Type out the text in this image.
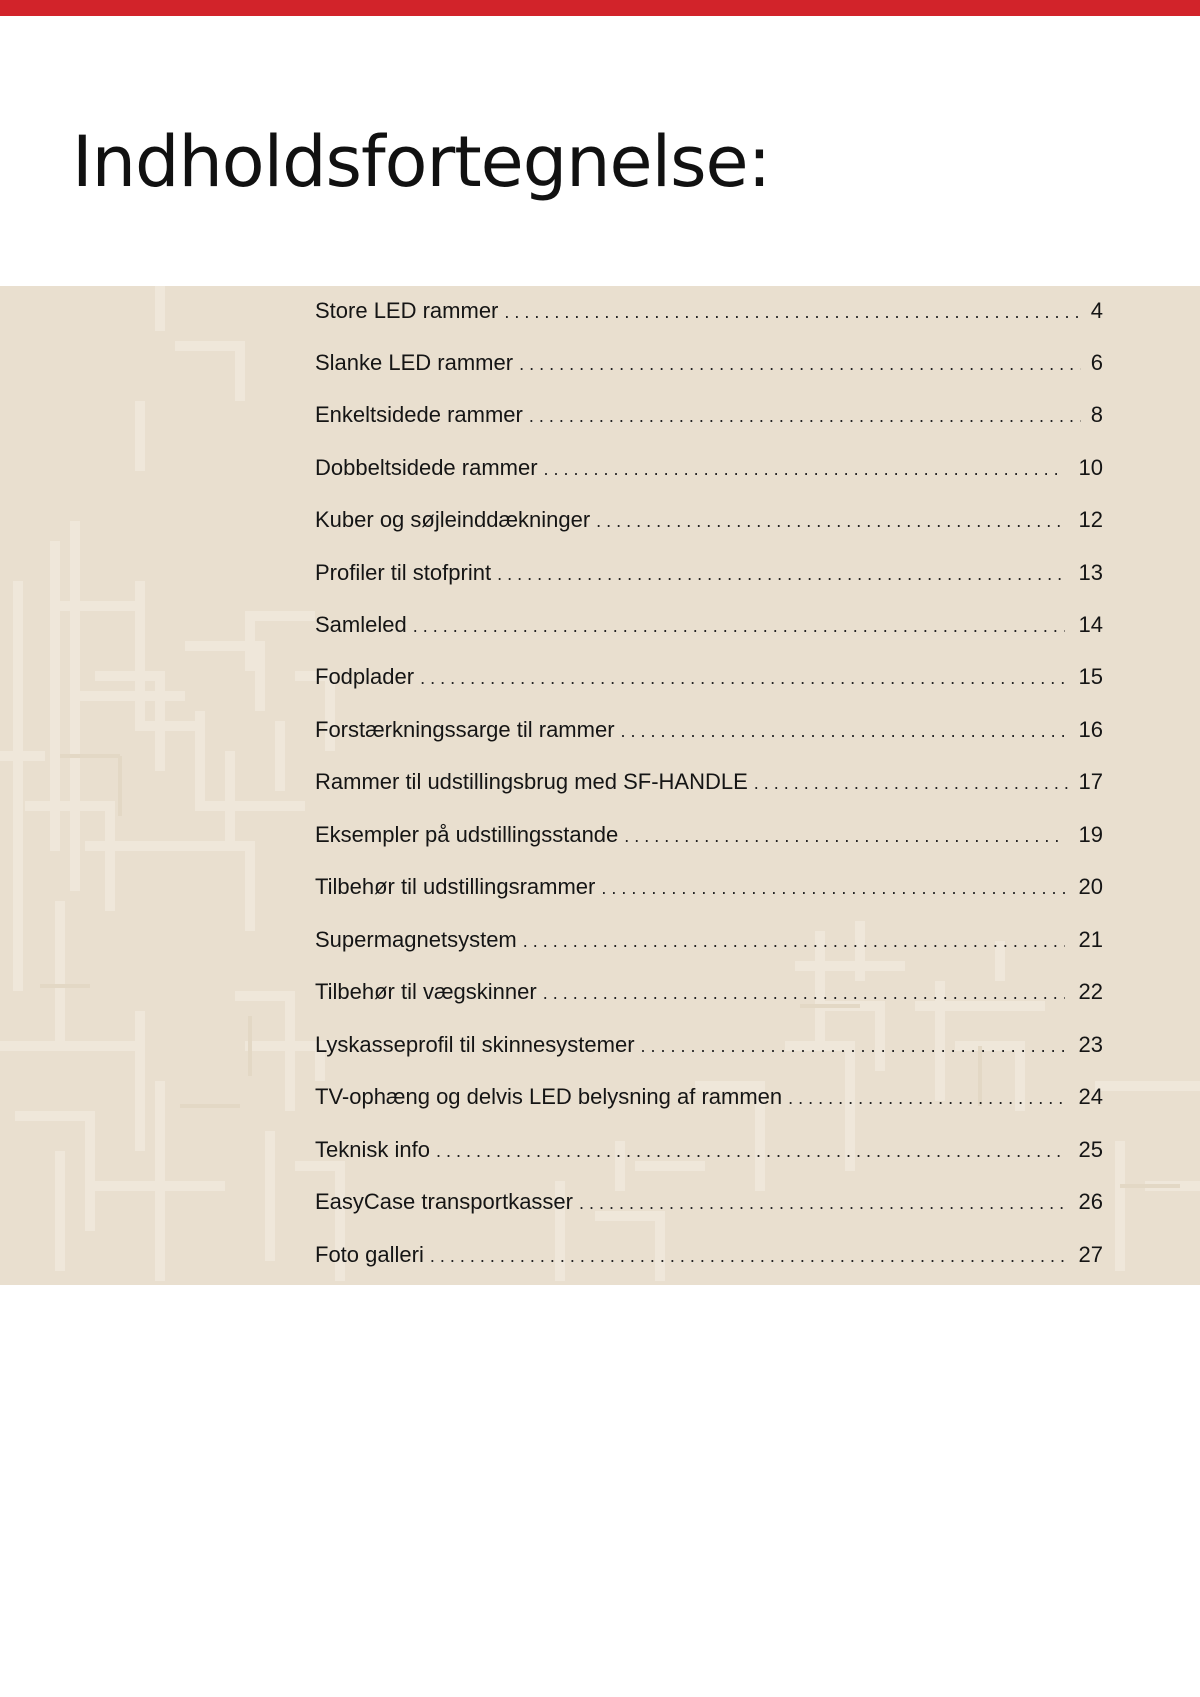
Indholdsfortegnelse:
Store LED rammer . . .	4
Slanke LED rammer . . .	6
Enkeltsidede rammer . . .	8
Dobbeltsidede rammer . . .	10
Kuber og søjleinddækninger . . .	12
Profiler til stofprint . . .	13
Samleled . . .	14
Fodplader . . .	15
Forstærkningssarge til rammer . . .	16
Rammer til udstillingsbrug med SF-HANDLE . . .	17
Eksempler på udstillingsstande . . .	19
Tilbehør til udstillingsrammer . . .	20
Supermagnetsystem . . .	21
Tilbehør til vægskinner . . .	22
Lyskasseprofil til skinnesystemer . . .	23
TV-ophæng og delvis LED belysning af rammen . . .	24
Teknisk info . . .	25
EasyCase transportkasser . . .	26
Foto galleri . . .	27
